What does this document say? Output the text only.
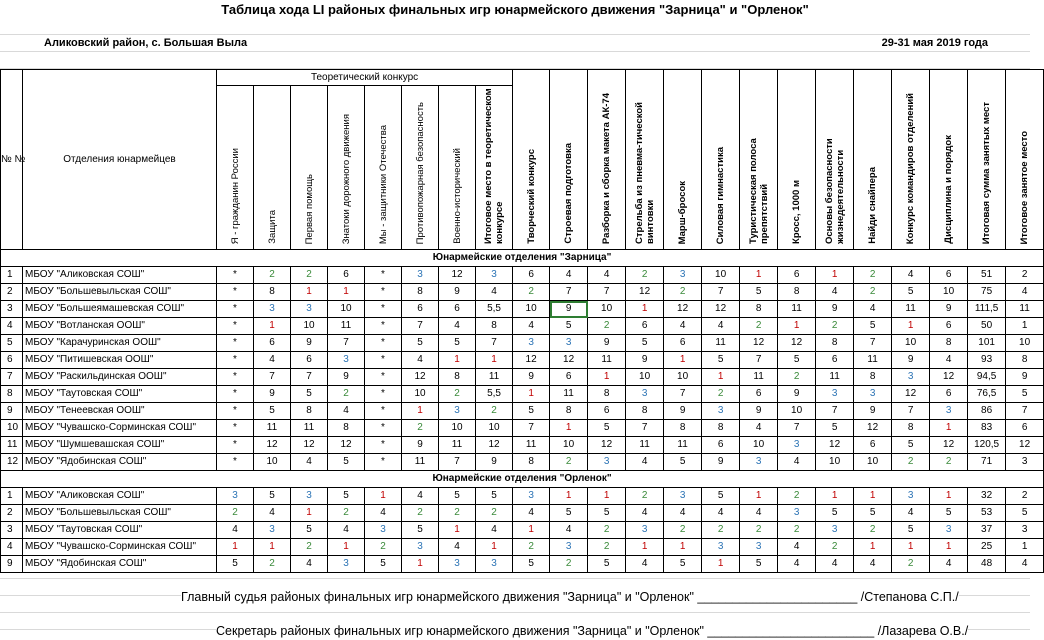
Таблица хода LI районых финальных игр юнармейского движения "Зарница" и "Орленок"
Аликовский район, с. Большая Выла	29-31 мая 2019 года
№ №	Отделения юнармейцев	Теоретический конкурс								Творческий конкурс	Строевая подготовка	Разборка и сборка макета АК-74	Стрельба из пневма-тической винтовки	Марш-бросок	Силовая гимнастика	Туристическая полоса препятствий	Кросс, 1000 м	Основы безопасности жизнедеятельности	Найди снайпера	Конкурс командиров отделений	Дисциплина и порядок	Итоговая сумма занятых мест	Итоговое занятое место
		Я - гражданин России	Защита	Первая помощь	Знатоки дорожного движения	Мы - защитники Отечества	Противопожарная безопасность	Военно-исторический	Итоговое место в теоретическом конкурсе														
Юнармейские отделения "Зарница"																							
1	МБОУ "Аликовская СОШ"	*	2	2	6	*	3	12	3	6	4	4	2	3	10	1	6	1	2	4	6	51	2
2	МБОУ "Большевыльская СОШ"	*	8	1	1	*	8	9	4	2	7	7	12	2	7	5	8	4	2	5	10	75	4
3	МБОУ "Большеямашевская СОШ"	*	3	3	10	*	6	6	5,5	10	9	10	1	12	12	8	11	9	4	11	9	111,5	11
4	МБОУ "Вотланская ООШ"	*	1	10	11	*	7	4	8	4	5	2	6	4	4	2	1	2	5	1	6	50	1
5	МБОУ "Карачуринская ООШ"	*	6	9	7	*	5	5	7	3	3	9	5	6	11	12	12	8	7	10	8	101	10
6	МБОУ "Питишевская ООШ"	*	4	6	3	*	4	1	1	12	12	11	9	1	5	7	5	6	11	9	4	93	8
7	МБОУ "Раскильдинская ООШ"	*	7	7	9	*	12	8	11	9	6	1	10	10	1	11	2	11	8	3	12	94,5	9
8	МБОУ "Таутовская СОШ"	*	9	5	2	*	10	2	5,5	1	11	8	3	7	2	6	9	3	3	12	6	76,5	5
9	МБОУ "Тенеевская ООШ"	*	5	8	4	*	1	3	2	5	8	6	8	9	3	9	10	7	9	7	3	86	7
10	МБОУ "Чувашско-Сорминская СОШ"	*	11	11	8	*	2	10	10	7	1	5	7	8	8	4	7	5	12	8	1	83	6
11	МБОУ "Шумшевашская СОШ"	*	12	12	12	*	9	11	12	11	10	12	11	11	6	10	3	12	6	5	12	120,5	12
12	МБОУ "Ядобинская СОШ"	*	10	4	5	*	11	7	9	8	2	3	4	5	9	3	4	10	10	2	2	71	3
Юнармейские отделения "Орленок"																							
1	МБОУ "Аликовская СОШ"	3	5	3	5	1	4	5	5	3	1	1	2	3	5	1	2	1	1	3	1	32	2
2	МБОУ "Большевыльская СОШ"	2	4	1	2	4	2	2	2	4	5	5	4	4	4	4	3	5	5	4	5	53	5
3	МБОУ "Таутовская СОШ"	4	3	5	4	3	5	1	4	1	4	2	3	2	2	2	2	3	2	5	3	37	3
4	МБОУ "Чувашско-Сорминская СОШ"	1	1	2	1	2	3	4	1	2	3	2	1	1	3	3	4	2	1	1	1	25	1
9	МБОУ "Ядобинская СОШ"	5	2	4	3	5	1	3	3	5	2	5	4	5	1	5	4	4	4	2	4	48	4
Главный судья районых финальных игр юнармейского движения "Зарница" и "Орленок" _______________________ /Степанова С.П./
Секретарь районых финальных игр юнармейского движения "Зарница" и "Орленок" ________________________ /Лазарева О.В./
